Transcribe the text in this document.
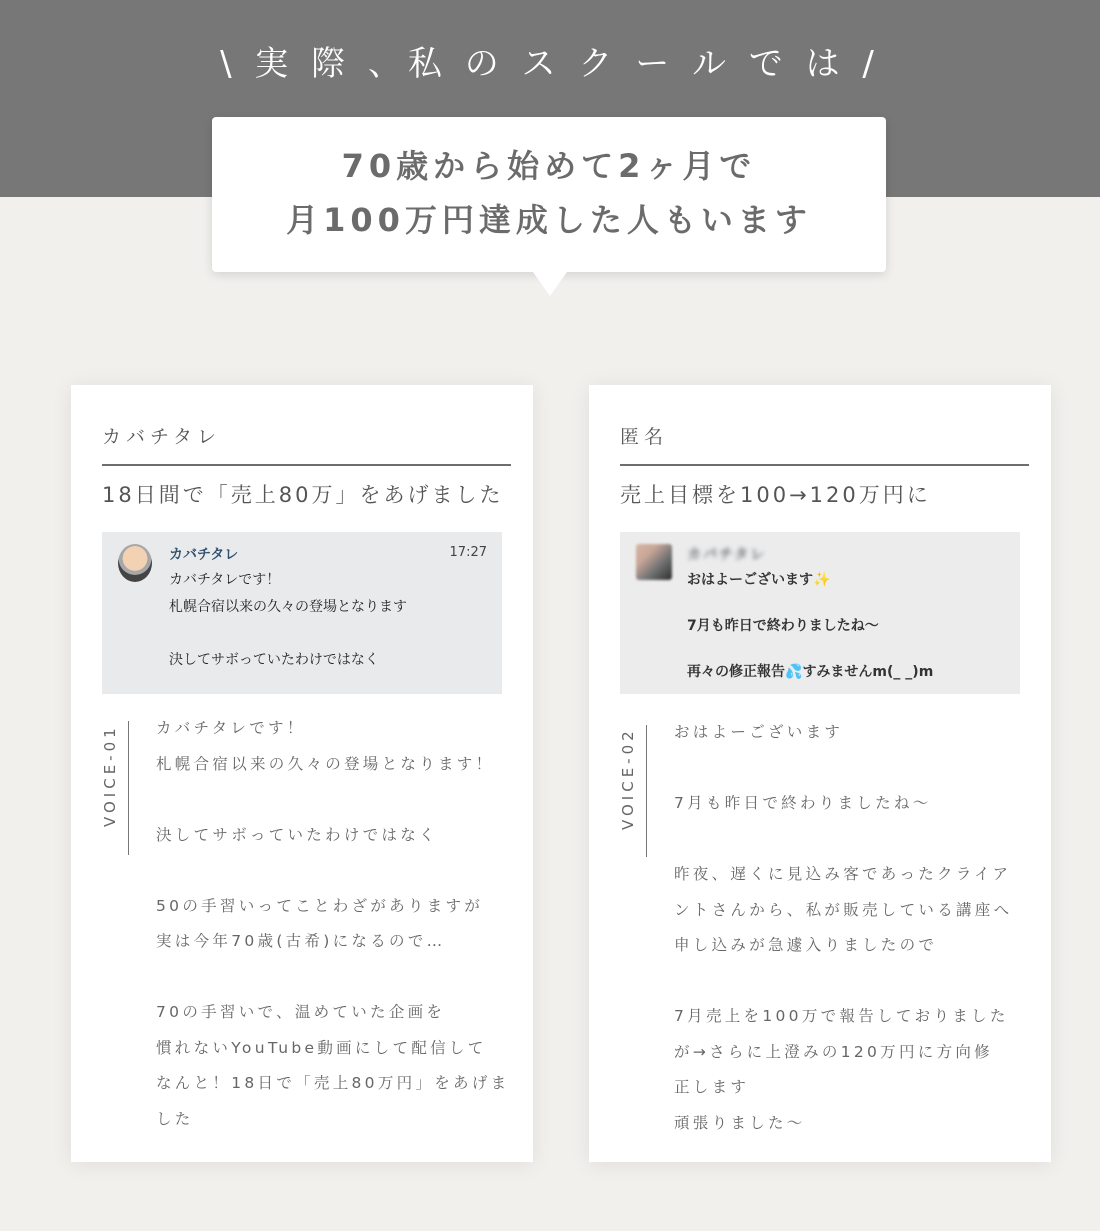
\ 実 際 、私 の ス ク ー ル で は /
70歳から始めて2ヶ月で
月100万円達成した人もいます
カバチタレ
18日間で「売上80万」をあげました
カバチタレ	17:27
カバチタレです！
札幌合宿以来の久々の登場となります
決してサボっていたわけではなく
VOICE-01 カバチタレです！

札幌合宿以来の久々の登場となります！

決してサボっていたわけではなく

50の手習いってことわざがありますが

実は今年70歳(古希)になるので…

70の手習いで、温めていた企画を

慣れないYouTube動画にして配信して

なんと！18日で「売上80万円」をあげま

した

匿名
売上目標を100→120万円に
カバチタレ
おはよーございます✨
7月も昨日で終わりましたね～
再々の修正報告💦すみませんm(_ _)m
VOICE-02 おはよーございます

7月も昨日で終わりましたね～

昨夜、遅くに見込み客であったクライア

ントさんから、私が販売している講座へ

申し込みが急遽入りましたので

7月売上を100万で報告しておりました

が→さらに上澄みの120万円に方向修

正します

頑張りました～
